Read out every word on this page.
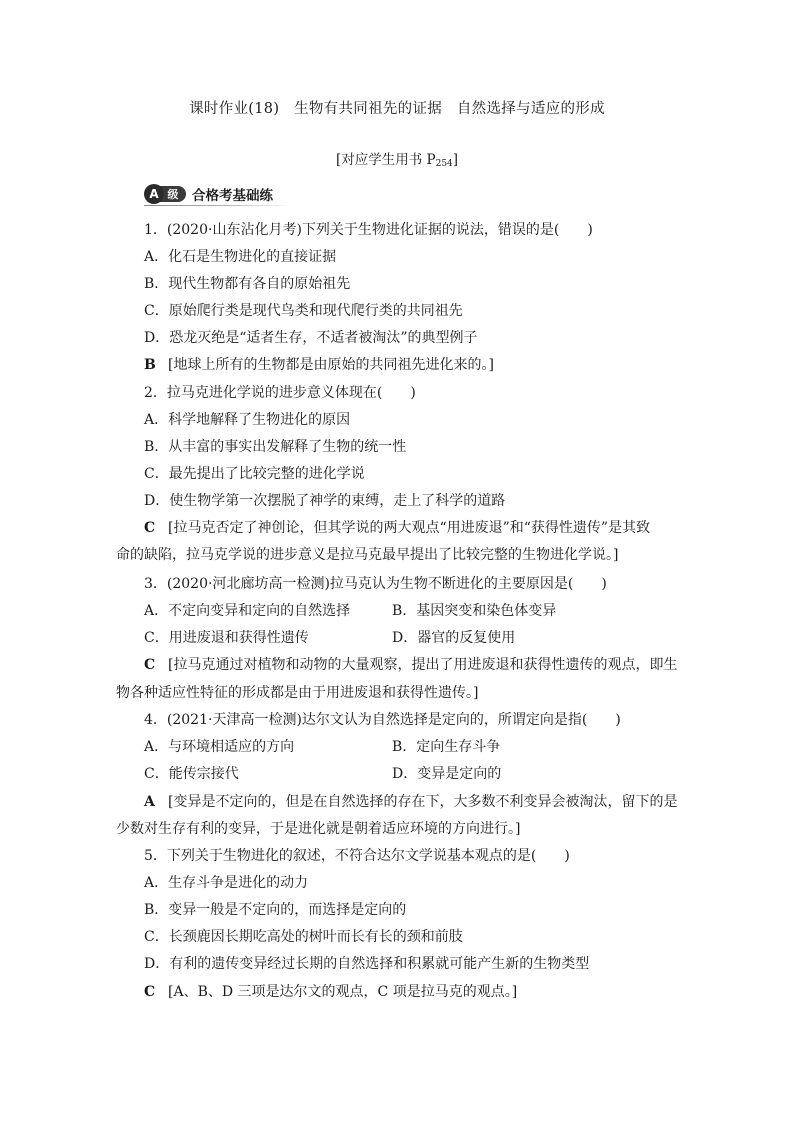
课时作业(18)　生物有共同祖先的证据　自然选择与适应的形成
[对应学生用书 $P_{254}$]
级
A	合格考基础练
1．(2020·山东沾化月考)下列关于生物进化证据的说法，错误的是(　　)
A．化石是生物进化的直接证据
B．现代生物都有各自的原始祖先
C．原始爬行类是现代鸟类和现代爬行类的共同祖先
D．恐龙灭绝是“适者生存，不适者被淘汰”的典型例子
B [地球上所有的生物都是由原始的共同祖先进化来的。]
2．拉马克进化学说的进步意义体现在(　　)
A．科学地解释了生物进化的原因
B．从丰富的事实出发解释了生物的统一性
C．最先提出了比较完整的进化学说
D．使生物学第一次摆脱了神学的束缚，走上了科学的道路
C [拉马克否定了神创论，但其学说的两大观点“用进废退”和“获得性遗传”是其致
命的缺陷，拉马克学说的进步意义是拉马克最早提出了比较完整的生物进化学说。]
3．(2020·河北廊坊高一检测)拉马克认为生物不断进化的主要原因是(　　)
A．不定向变异和定向的自然选择	B．基因突变和染色体变异
C．用进废退和获得性遗传	D．器官的反复使用
C [拉马克通过对植物和动物的大量观察，提出了用进废退和获得性遗传的观点，即生
物各种适应性特征的形成都是由于用进废退和获得性遗传。]
4．(2021·天津高一检测)达尔文认为自然选择是定向的，所谓定向是指(　　)
A．与环境相适应的方向	B．定向生存斗争
C．能传宗接代	D．变异是定向的
A [变异是不定向的，但是在自然选择的存在下，大多数不利变异会被淘汰，留下的是
少数对生存有利的变异，于是进化就是朝着适应环境的方向进行。]
5．下列关于生物进化的叙述，不符合达尔文学说基本观点的是(　　)
A．生存斗争是进化的动力
B．变异一般是不定向的，而选择是定向的
C．长颈鹿因长期吃高处的树叶而长有长的颈和前肢
D．有利的遗传变异经过长期的自然选择和积累就可能产生新的生物类型
C [A、B、D 三项是达尔文的观点，C 项是拉马克的观点。]
